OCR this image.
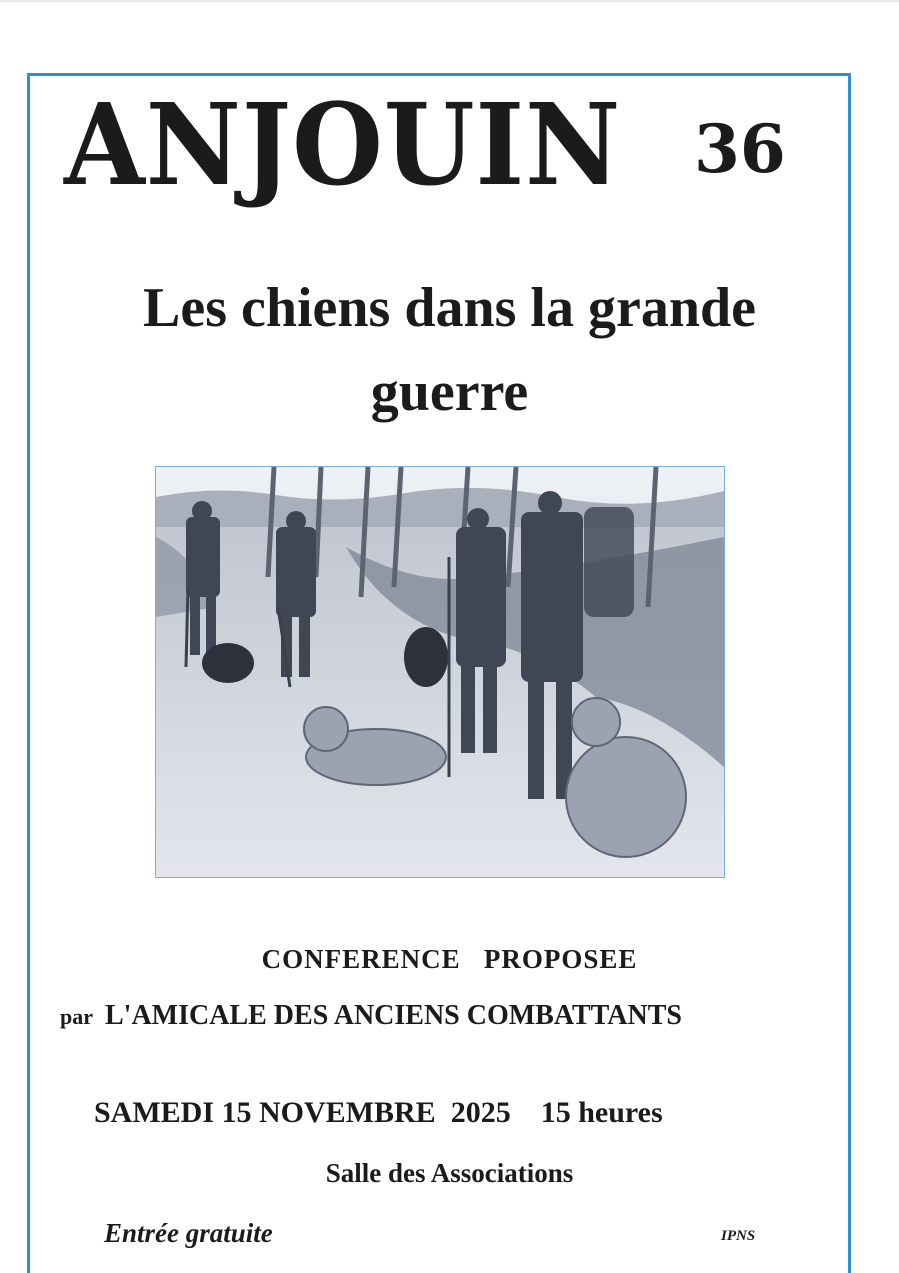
ANJOUIN 36
Les chiens dans la grande
guerre
CONFERENCE   PROPOSEE
par L'AMICALE DES ANCIENS COMBATTANTS
SAMEDI 15 NOVEMBRE  2025 15 heures
Salle des Associations
Entrée gratuite	IPNS
